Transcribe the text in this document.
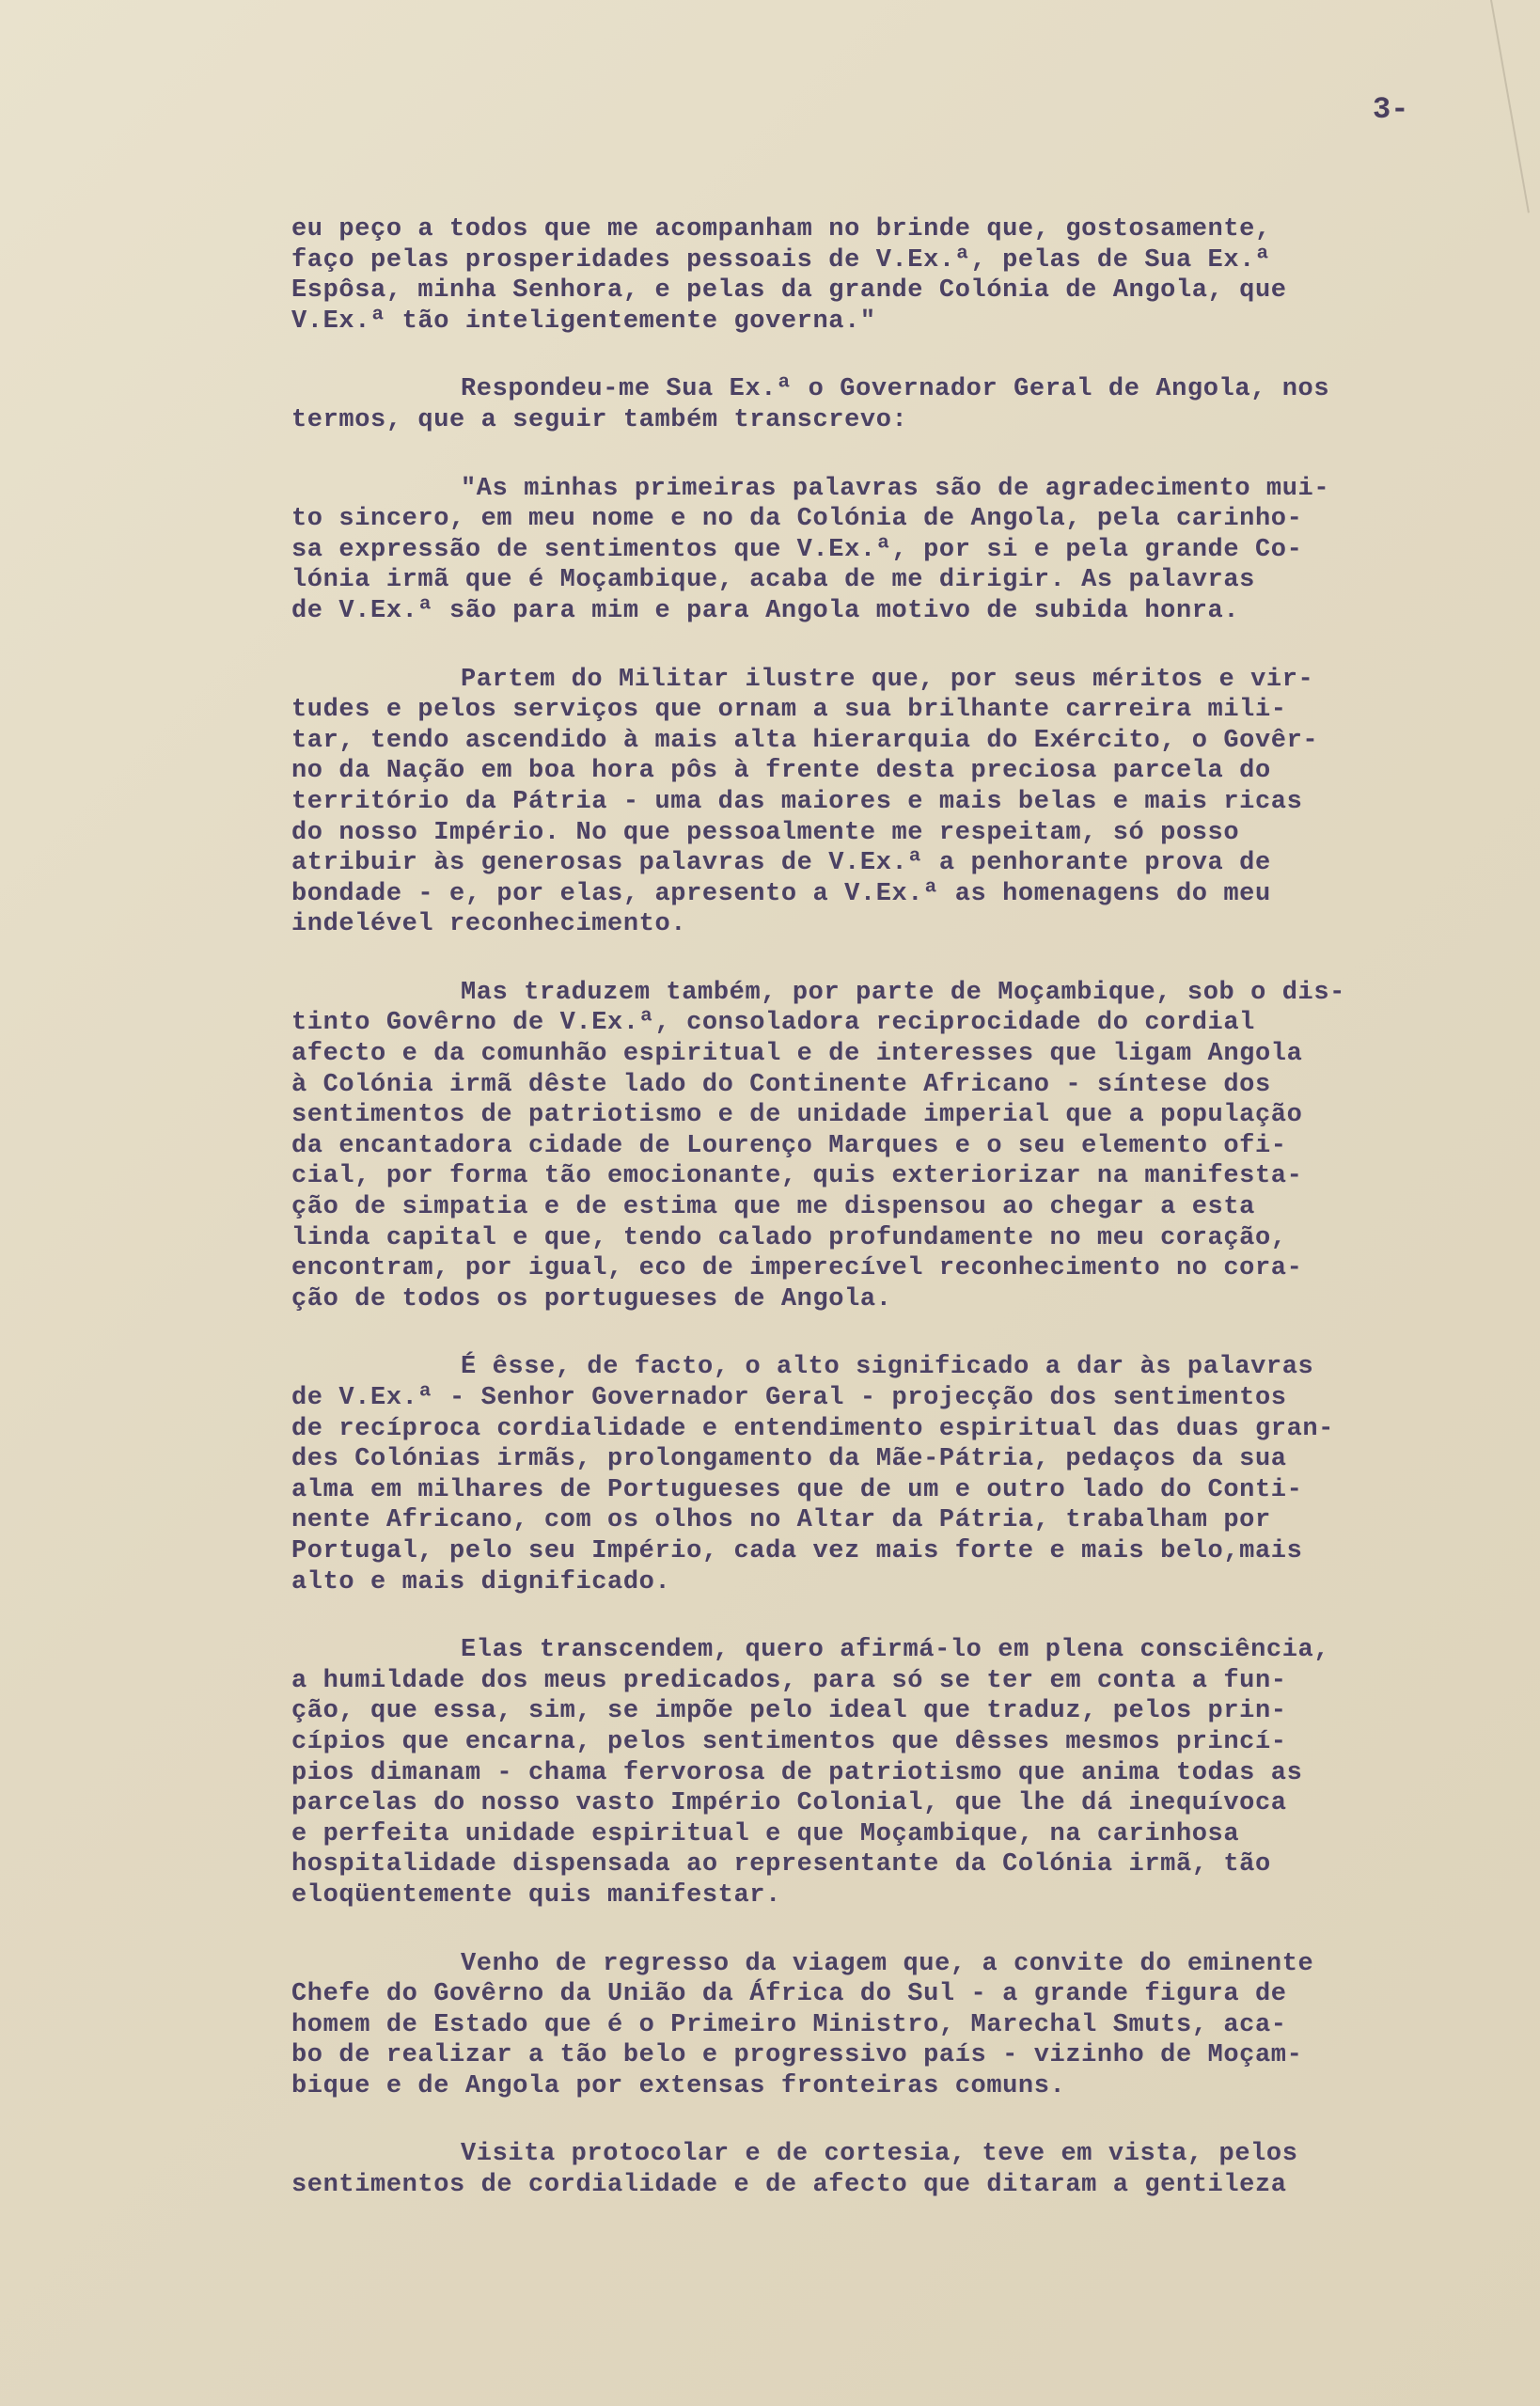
3-
eu peço a todos que me acompanham no brinde que, gostosamente,
faço pelas prosperidades pessoais de V.Ex.ª, pelas de Sua Ex.ª
Espôsa, minha Senhora, e pelas da grande Colónia de Angola, que
V.Ex.ª tão inteligentemente governa."
Respondeu-me Sua Ex.ª o Governador Geral de Angola, nos
termos, que a seguir também transcrevo:
"As minhas primeiras palavras são de agradecimento mui-
to sincero, em meu nome e no da Colónia de Angola, pela carinho-
sa expressão de sentimentos que V.Ex.ª, por si e pela grande Co-
lónia irmã que é Moçambique, acaba de me dirigir. As palavras
de V.Ex.ª são para mim e para Angola motivo de subida honra.
Partem do Militar ilustre que, por seus méritos e vir-
tudes e pelos serviços que ornam a sua brilhante carreira mili-
tar, tendo ascendido à mais alta hierarquia do Exército, o Govêr-
no da Nação em boa hora pôs à frente desta preciosa parcela do
território da Pátria - uma das maiores e mais belas e mais ricas
do nosso Império. No que pessoalmente me respeitam, só posso
atribuir às generosas palavras de V.Ex.ª a penhorante prova de
bondade - e, por elas, apresento a V.Ex.ª as homenagens do meu
indelével reconhecimento.
Mas traduzem também, por parte de Moçambique, sob o dis-
tinto Govêrno de V.Ex.ª, consoladora reciprocidade do cordial
afecto e da comunhão espiritual e de interesses que ligam Angola
à Colónia irmã dêste lado do Continente Africano - síntese dos
sentimentos de patriotismo e de unidade imperial que a população
da encantadora cidade de Lourenço Marques e o seu elemento ofi-
cial, por forma tão emocionante, quis exteriorizar na manifesta-
ção de simpatia e de estima que me dispensou ao chegar a esta
linda capital e que, tendo calado profundamente no meu coração,
encontram, por igual, eco de imperecível reconhecimento no cora-
ção de todos os portugueses de Angola.
É êsse, de facto, o alto significado a dar às palavras
de V.Ex.ª - Senhor Governador Geral - projecção dos sentimentos
de recíproca cordialidade e entendimento espiritual das duas gran-
des Colónias irmãs, prolongamento da Mãe-Pátria, pedaços da sua
alma em milhares de Portugueses que de um e outro lado do Conti-
nente Africano, com os olhos no Altar da Pátria, trabalham por
Portugal, pelo seu Império, cada vez mais forte e mais belo,mais
alto e mais dignificado.
Elas transcendem, quero afirmá-lo em plena consciência,
a humildade dos meus predicados, para só se ter em conta a fun-
ção, que essa, sim, se impõe pelo ideal que traduz, pelos prin-
cípios que encarna, pelos sentimentos que dêsses mesmos princí-
pios dimanam - chama fervorosa de patriotismo que anima todas as
parcelas do nosso vasto Império Colonial, que lhe dá inequívoca
e perfeita unidade espiritual e que Moçambique, na carinhosa
hospitalidade dispensada ao representante da Colónia irmã, tão
eloqüentemente quis manifestar.
Venho de regresso da viagem que, a convite do eminente
Chefe do Govêrno da União da África do Sul - a grande figura de
homem de Estado que é o Primeiro Ministro, Marechal Smuts, aca-
bo de realizar a tão belo e progressivo país - vizinho de Moçam-
bique e de Angola por extensas fronteiras comuns.
Visita protocolar e de cortesia, teve em vista, pelos
sentimentos de cordialidade e de afecto que ditaram a gentileza
